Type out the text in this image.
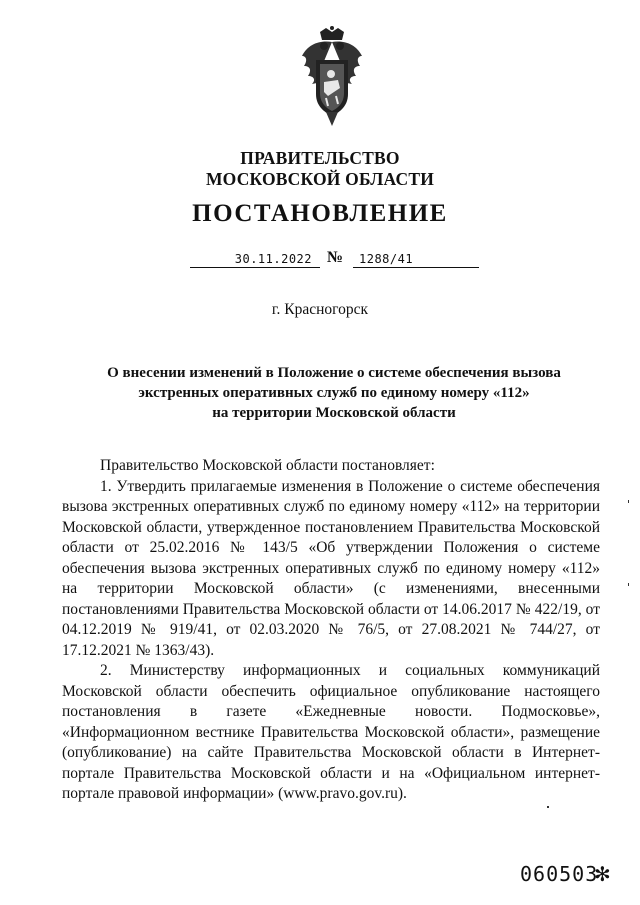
ПРАВИТЕЛЬСТВО
МОСКОВСКОЙ ОБЛАСТИ
ПОСТАНОВЛЕНИЕ
30.11.2022 №	1288/41
г. Красногорск
О внесении изменений в Положение о системе обеспечения вызова
экстренных оперативных служб по единому номеру «112»
на территории Московской области

Правительство Московской области постановляет:

1. Утвердить прилагаемые изменения в Положение о системе обеспечения вызова экстренных оперативных служб по единому номеру «112» на территории Московской области, утвержденное постановлением Правительства Московской области от 25.02.2016 № 143/5 «Об утверждении Положения о системе обеспечения вызова экстренных оперативных служб по единому номеру «112» на территории Московской области» (с изменениями, внесенными постановлениями Правительства Московской области от 14.06.2017 № 422/19, от 04.12.2019 № 919/41, от 02.03.2020 № 76/5, от 27.08.2021 № 744/27, от 17.12.2021 № 1363/43).

2. Министерству информационных и социальных коммуникаций Московской области обеспечить официальное опубликование настоящего постановления в газете «Ежедневные новости. Подмосковье», «Информационном вестнике Правительства Московской области», размещение (опубликование) на сайте Правительства Московской области в Интернет-портале Правительства Московской области и на «Официальном интернет-портале правовой информации» (www.pravo.gov.ru).

060503
✻
